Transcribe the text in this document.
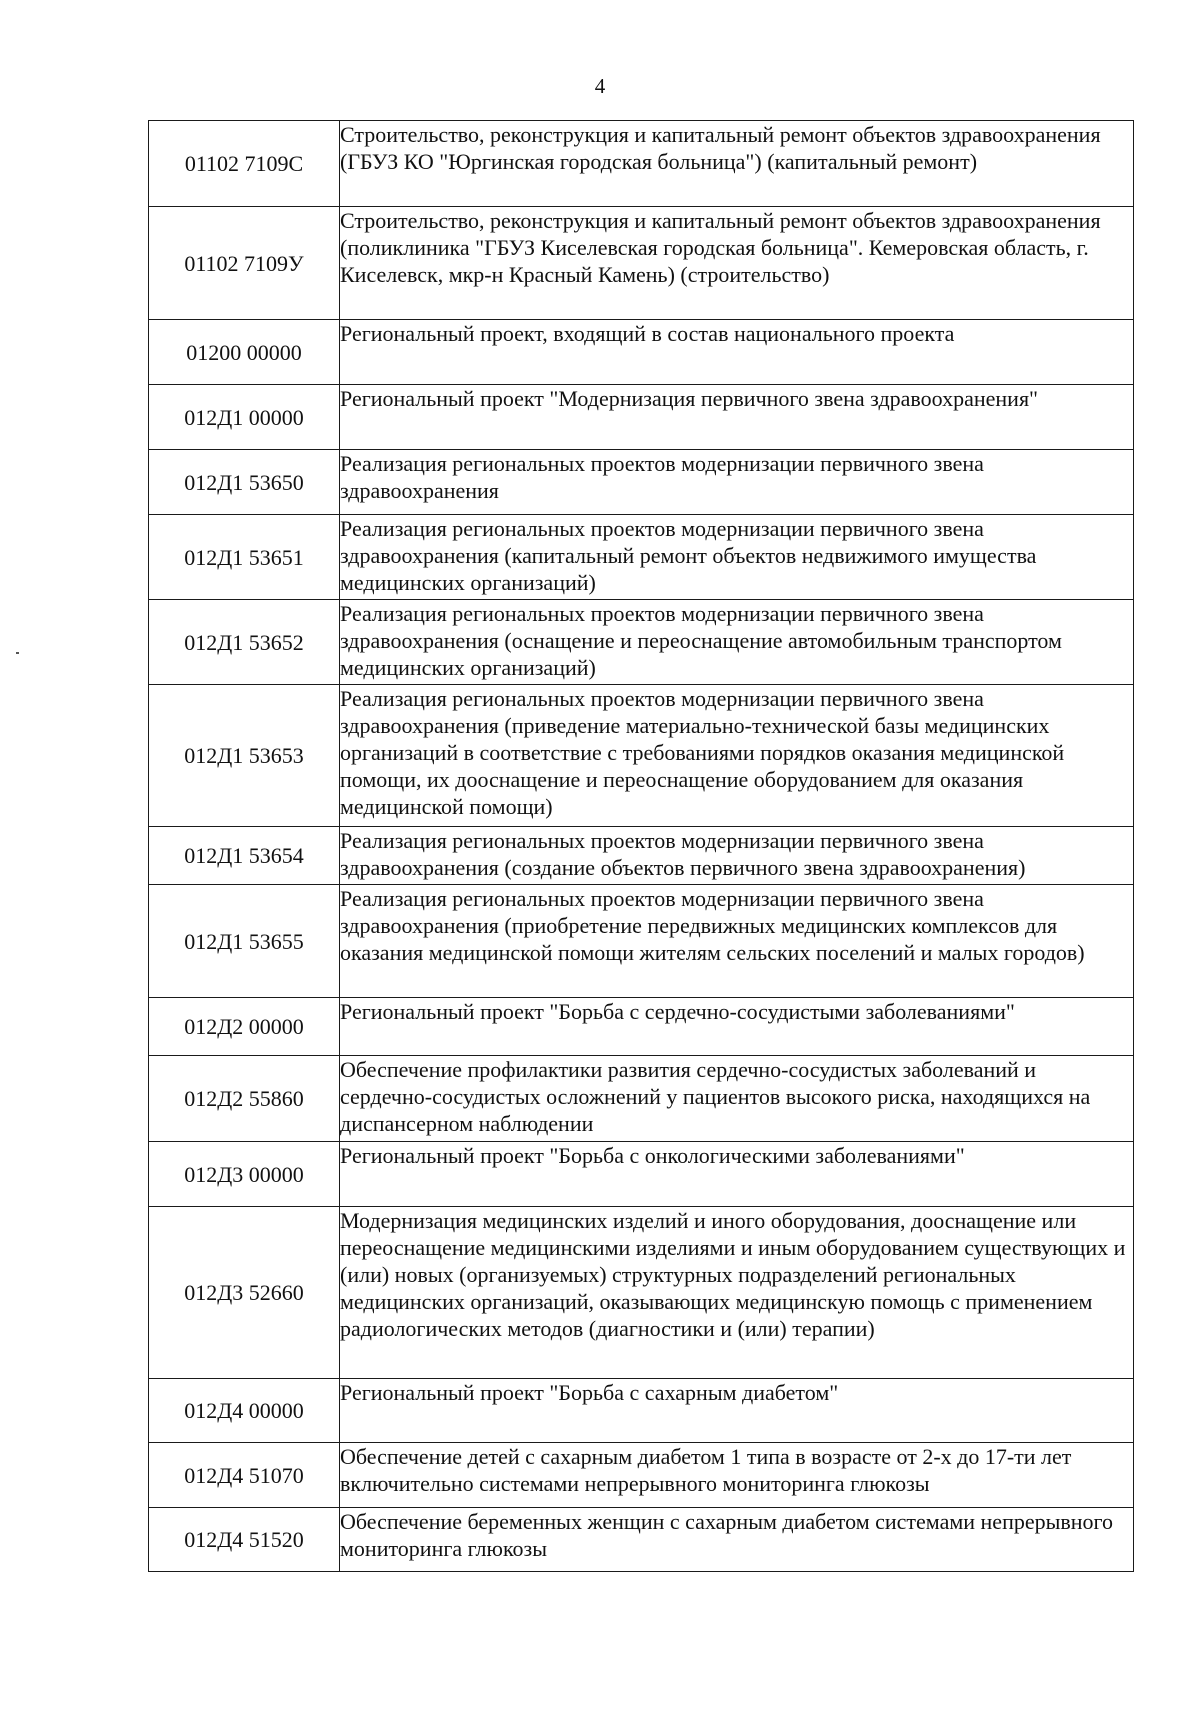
4
01102 7109С	Строительство, реконструкция и капитальный ремонт объектов здравоохранения (ГБУЗ КО "Юргинская городская больница") (капитальный ремонт)
01102 7109У	Строительство, реконструкция и капитальный ремонт объектов здравоохранения (поликлиника "ГБУЗ Киселевская городская больница". Кемеровская область, г. Киселевск, мкр-н Красный Камень) (строительство)
01200 00000	Региональный проект, входящий в состав национального проекта
012Д1 00000	Региональный проект "Модернизация первичного звена здравоохранения"
012Д1 53650	Реализация региональных проектов модернизации первичного звена здравоохранения
012Д1 53651	Реализация региональных проектов модернизации первичного звена здравоохранения (капитальный ремонт объектов недвижимого имущества медицинских организаций)
012Д1 53652	Реализация региональных проектов модернизации первичного звена здравоохранения (оснащение и переоснащение автомобильным транспортом медицинских организаций)
012Д1 53653	Реализация региональных проектов модернизации первичного звена здравоохранения (приведение материально-технической базы медицинских организаций в соответствие с требованиями порядков оказания медицинской помощи, их дооснащение и переоснащение оборудованием для оказания медицинской помощи)
012Д1 53654	Реализация региональных проектов модернизации первичного звена здравоохранения (создание объектов первичного звена здравоохранения)
012Д1 53655	Реализация региональных проектов модернизации первичного звена здравоохранения (приобретение передвижных медицинских комплексов для оказания медицинской помощи жителям сельских поселений и малых городов)
012Д2 00000	Региональный проект "Борьба с сердечно-сосудистыми заболеваниями"
012Д2 55860	Обеспечение профилактики развития сердечно-сосудистых заболеваний и сердечно-сосудистых осложнений у пациентов высокого риска, находящихся на диспансерном наблюдении
012Д3 00000	Региональный проект "Борьба с онкологическими заболеваниями"
012Д3 52660	Модернизация медицинских изделий и иного оборудования, дооснащение или переоснащение медицинскими изделиями и иным оборудованием существующих и (или) новых (организуемых) структурных подразделений региональных медицинских организаций, оказывающих медицинскую помощь с применением радиологических методов (диагностики и (или) терапии)
012Д4 00000	Региональный проект "Борьба с сахарным диабетом"
012Д4 51070	Обеспечение детей с сахарным диабетом 1 типа в возрасте от 2-х до 17-ти лет включительно системами непрерывного мониторинга глюкозы
012Д4 51520	Обеспечение беременных женщин с сахарным диабетом системами непрерывного мониторинга глюкозы
